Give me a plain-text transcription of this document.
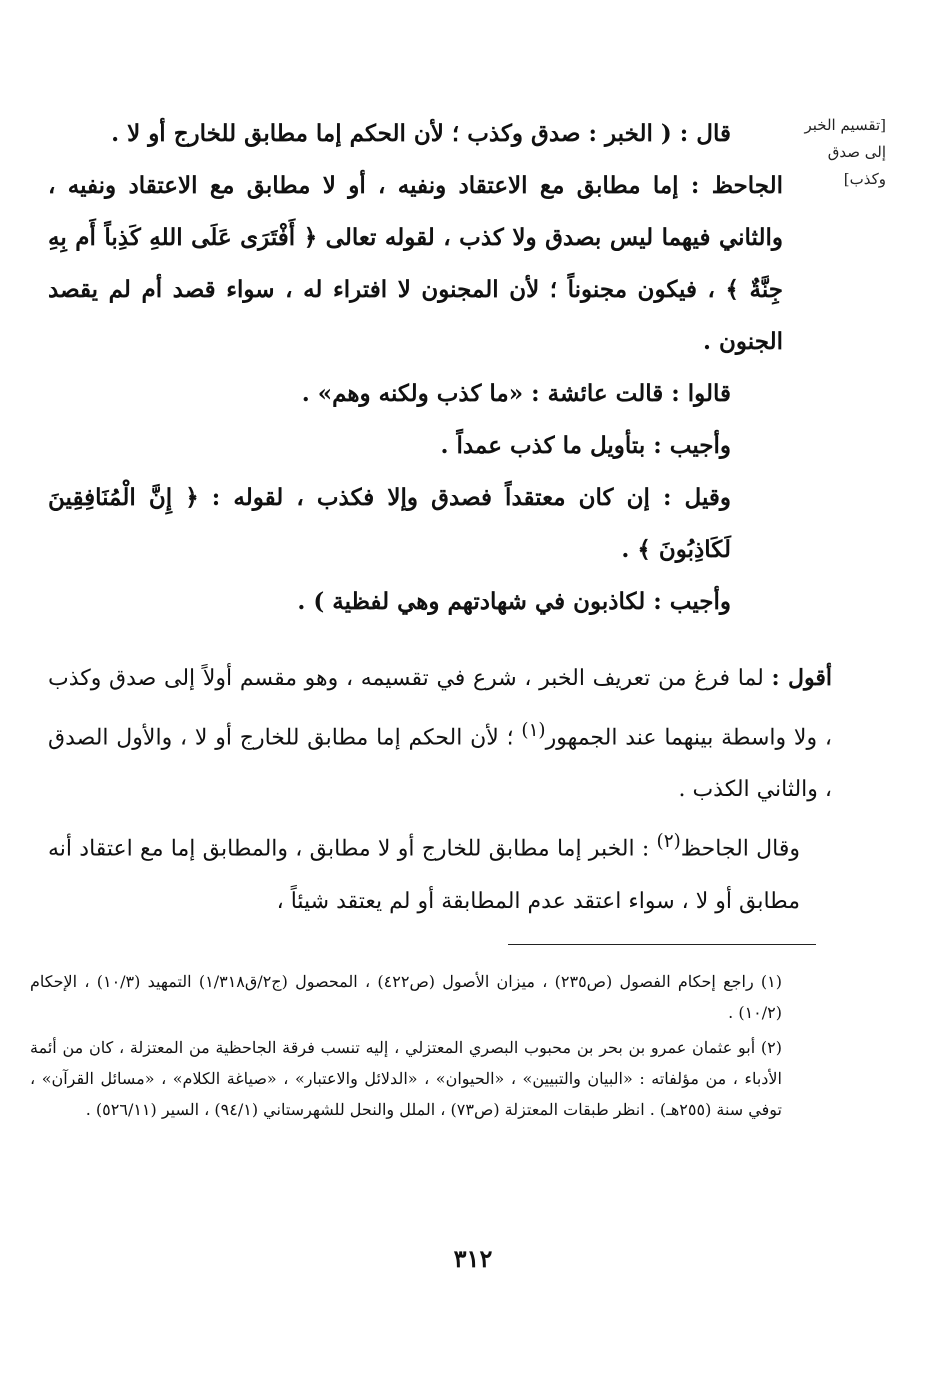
[تقسيم الخبر
إلى صدق
وكذب]

قال : ( الخبر : صدق وكذب ؛ لأن الحكم إما مطابق للخارج أو لا .

الجاحظ : إما مطابق مع الاعتقاد ونفيه ، أو لا مطابق مع الاعتقاد ونفيه ، والثاني فيهما ليس بصدق ولا كذب ، لقوله تعالى ﴿ أَفْتَرَى عَلَى اللهِ كَذِباً أَم بِهِ جِنَّةٌ ﴾ ، فيكون مجنوناً ؛ لأن المجنون لا افتراء له ، سواء قصد أم لم يقصد الجنون .

قالوا : قالت عائشة : «ما كذب ولكنه وهم» .

وأجيب : بتأويل ما كذب عمداً .

وقيل : إن كان معتقداً فصدق وإلا فكذب ، لقوله : ﴿ إِنَّ الْمُنَافِقِينَ لَكَاذِبُونَ ﴾ .

وأجيب : لكاذبون في شهادتهم وهي لفظية ) .

أقول : لما فرغ من تعريف الخبر ، شرع في تقسيمه ، وهو مقسم أولاً إلى صدق وكذب ، ولا واسطة بينهما عند الجمهور$^{(١)}$ ؛ لأن الحكم إما مطابق للخارج أو لا ، والأول الصدق ، والثاني الكذب .

وقال الجاحظ$^{(٢)}$ : الخبر إما مطابق للخارج أو لا مطابق ، والمطابق إما مع اعتقاد أنه مطابق أو لا ، سواء اعتقد عدم المطابقة أو لم يعتقد شيئاً ،

(١) راجع إحكام الفصول (ص٢٣٥) ، ميزان الأصول (ص٤٢٢) ، المحصول (ج٢/ق١/٣١٨) التمهيد (١٠/٣) ، الإحكام (١٠/٢) .

(٢) أبو عثمان عمرو بن بحر بن محبوب البصري المعتزلي ، إليه تنسب فرقة الجاحظية من المعتزلة ، كان من أئمة الأدباء ، من مؤلفاته : «البيان والتبيين» ، «الحيوان» ، «الدلائل والاعتبار» ، «صياغة الكلام» ، «مسائل القرآن» ، توفي سنة (٢٥٥هـ) . انظر طبقات المعتزلة (ص٧٣) ، الملل والنحل للشهرستاني (٩٤/١) ، السير (٥٢٦/١١) .

٣١٢
